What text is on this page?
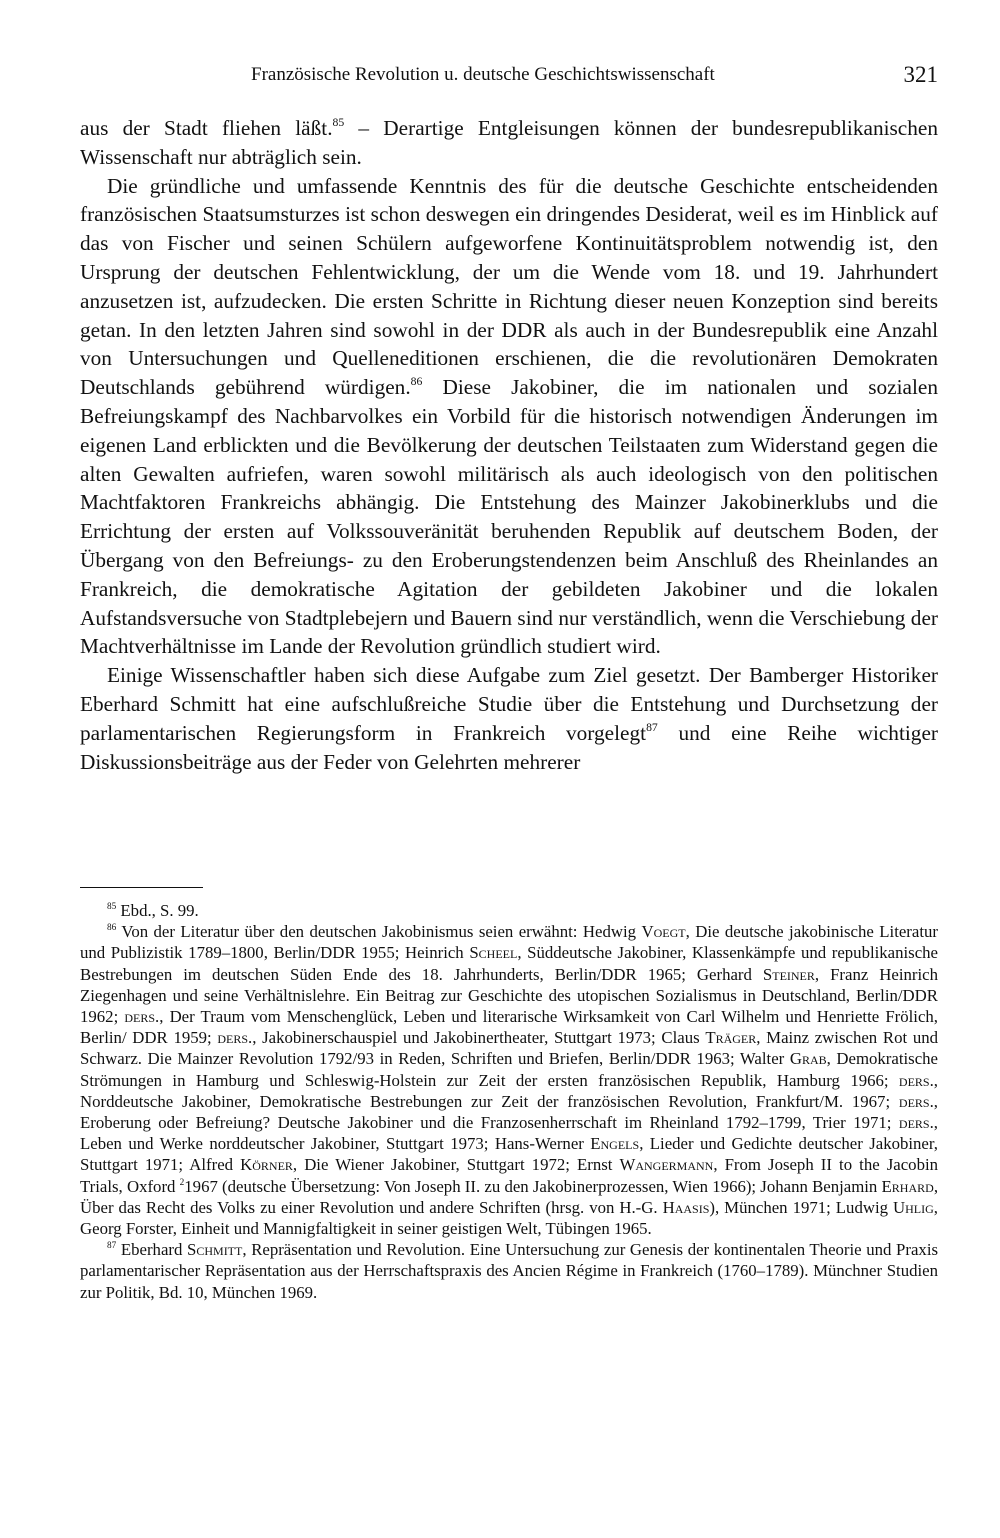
Französische Revolution u. deutsche Geschichtswissenschaft	321

aus der Stadt fliehen läßt.$^{85}$ – Derartige Entgleisungen können der bundesrepublikanischen Wissenschaft nur abträglich sein.

Die gründliche und umfassende Kenntnis des für die deutsche Geschichte entscheidenden französischen Staatsumsturzes ist schon deswegen ein dringendes Desiderat, weil es im Hinblick auf das von Fischer und seinen Schülern aufgeworfene Kontinuitätsproblem notwendig ist, den Ursprung der deutschen Fehlentwicklung, der um die Wende vom 18. und 19. Jahrhundert anzusetzen ist, aufzudecken. Die ersten Schritte in Richtung dieser neuen Konzeption sind bereits getan. In den letzten Jahren sind sowohl in der DDR als auch in der Bundesrepublik eine Anzahl von Untersuchungen und Quelleneditionen erschienen, die die revolutionären Demokraten Deutschlands gebührend würdigen.$^{86}$ Diese Jakobiner, die im nationalen und sozialen Befreiungskampf des Nachbarvolkes ein Vorbild für die historisch notwendigen Änderungen im eigenen Land erblickten und die Bevölkerung der deutschen Teilstaaten zum Widerstand gegen die alten Gewalten aufriefen, waren sowohl militärisch als auch ideologisch von den politischen Machtfaktoren Frankreichs abhängig. Die Entstehung des Mainzer Jakobinerklubs und die Errichtung der ersten auf Volkssouveränität beruhenden Republik auf deutschem Boden, der Übergang von den Befreiungs- zu den Eroberungstendenzen beim Anschluß des Rheinlandes an Frankreich, die demokratische Agitation der gebildeten Jakobiner und die lokalen Aufstandsversuche von Stadtplebejern und Bauern sind nur verständlich, wenn die Verschiebung der Machtverhältnisse im Lande der Revolution gründlich studiert wird.

Einige Wissenschaftler haben sich diese Aufgabe zum Ziel gesetzt. Der Bamberger Historiker Eberhard Schmitt hat eine aufschlußreiche Studie über die Entstehung und Durchsetzung der parlamentarischen Regierungsform in Frankreich vorgelegt$^{87}$ und eine Reihe wichtiger Diskussionsbeiträge aus der Feder von Gelehrten mehrerer

$^{85}$ Ebd., S. 99.

$^{86}$ Von der Literatur über den deutschen Jakobinismus seien erwähnt: Hedwig Voegt, Die deutsche jakobinische Literatur und Publizistik 1789–1800, Berlin/DDR 1955; Heinrich Scheel, Süddeutsche Jakobiner, Klassenkämpfe und republikanische Bestrebungen im deutschen Süden Ende des 18. Jahrhunderts, Berlin/DDR 1965; Gerhard Steiner, Franz Heinrich Ziegenhagen und seine Verhältnislehre. Ein Beitrag zur Geschichte des utopischen Sozialismus in Deutschland, Berlin/DDR 1962; ders., Der Traum vom Menschenglück, Leben und literarische Wirksamkeit von Carl Wilhelm und Henriette Frölich, Berlin/ DDR 1959; ders., Jakobinerschauspiel und Jakobinertheater, Stuttgart 1973; Claus Träger, Mainz zwischen Rot und Schwarz. Die Mainzer Revolution 1792/93 in Reden, Schriften und Briefen, Berlin/DDR 1963; Walter Grab, Demokratische Strömungen in Hamburg und Schleswig-Holstein zur Zeit der ersten französischen Republik, Hamburg 1966; ders., Norddeutsche Jakobiner, Demokratische Bestrebungen zur Zeit der französischen Revolution, Frankfurt/M. 1967; ders., Eroberung oder Befreiung? Deutsche Jakobiner und die Franzosenherrschaft im Rheinland 1792–1799, Trier 1971; ders., Leben und Werke norddeutscher Jakobiner, Stuttgart 1973; Hans-Werner Engels, Lieder und Gedichte deutscher Jakobiner, Stuttgart 1971; Alfred Körner, Die Wiener Jakobiner, Stuttgart 1972; Ernst Wangermann, From Joseph II to the Jacobin Trials, Oxford $^2$1967 (deutsche Übersetzung: Von Joseph II. zu den Jakobinerprozessen, Wien 1966); Johann Benjamin Erhard, Über das Recht des Volks zu einer Revolution und andere Schriften (hrsg. von H.-G. Haasis), München 1971; Ludwig Uhlig, Georg Forster, Einheit und Mannigfaltigkeit in seiner geistigen Welt, Tübingen 1965.

$^{87}$ Eberhard Schmitt, Repräsentation und Revolution. Eine Untersuchung zur Genesis der kontinentalen Theorie und Praxis parlamentarischer Repräsentation aus der Herrschaftspraxis des Ancien Régime in Frankreich (1760–1789). Münchner Studien zur Politik, Bd. 10, München 1969.
